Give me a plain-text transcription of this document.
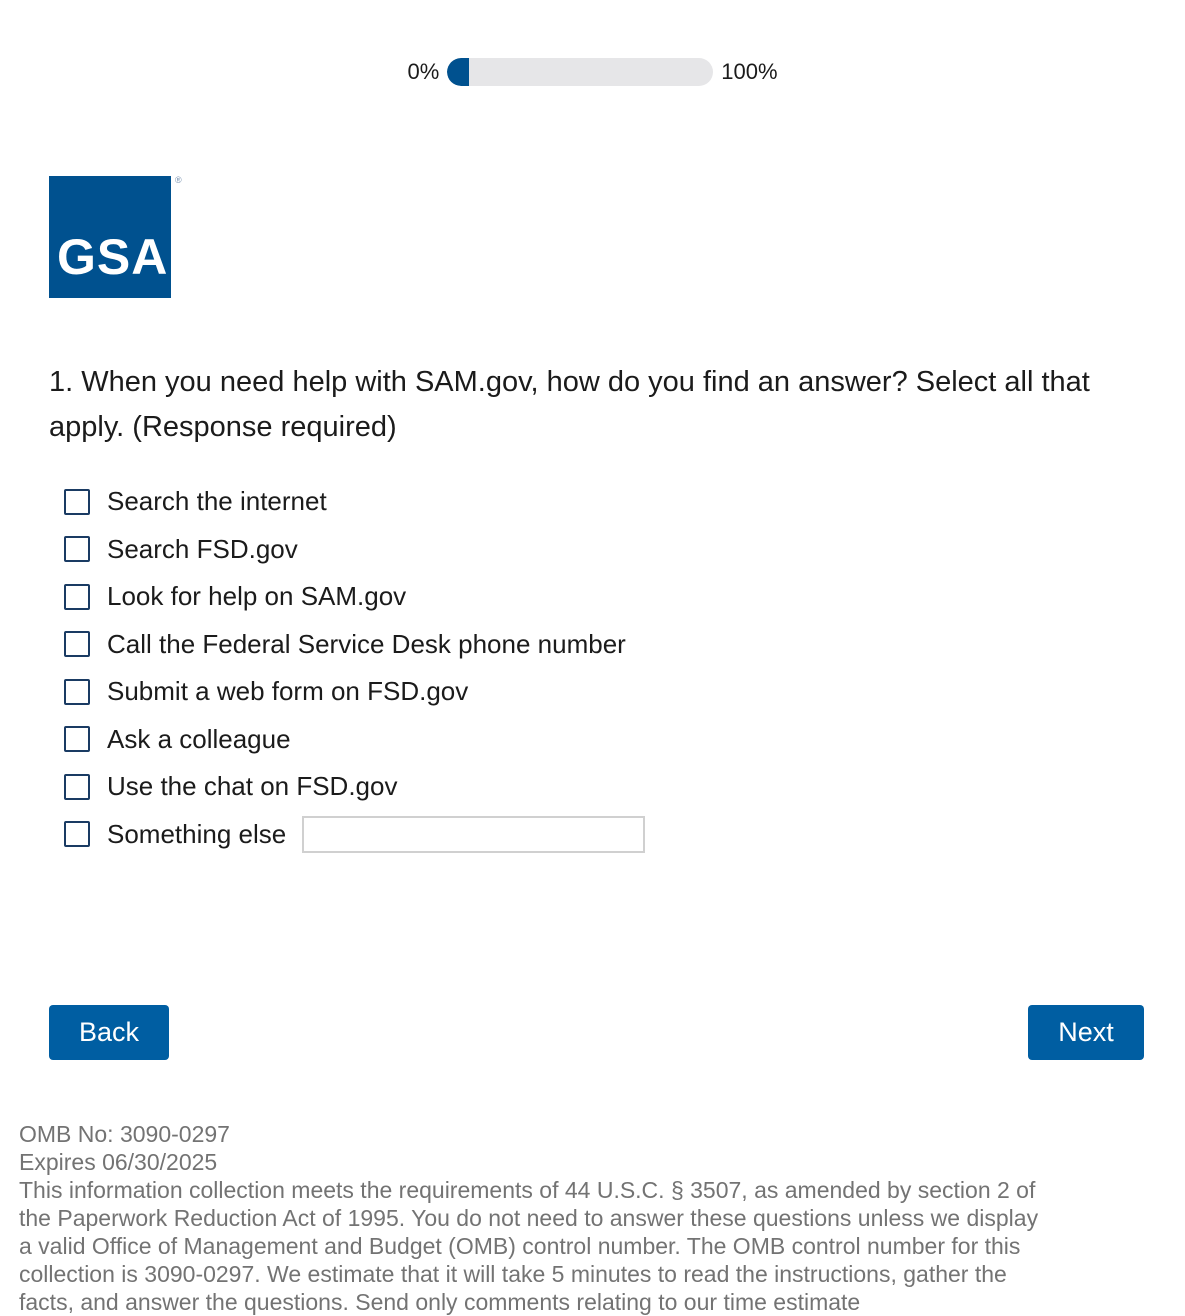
0%	100%
GSA
®
1. When you need help with SAM.gov, how do you find an answer? Select all that apply. (Response required)
Search the internet
Search FSD.gov
Look for help on SAM.gov
Call the Federal Service Desk phone number
Submit a web form on FSD.gov
Ask a colleague
Use the chat on FSD.gov
Something else
Back	Next
OMB No: 3090-0297
Expires 06/30/2025
This information collection meets the requirements of 44 U.S.C. § 3507, as amended by section 2 of the Paperwork Reduction Act of 1995. You do not need to answer these questions unless we display a valid Office of Management and Budget (OMB) control number. The OMB control number for this collection is 3090-0297. We estimate that it will take 5 minutes to read the instructions, gather the facts, and answer the questions. Send only comments relating to our time estimate
